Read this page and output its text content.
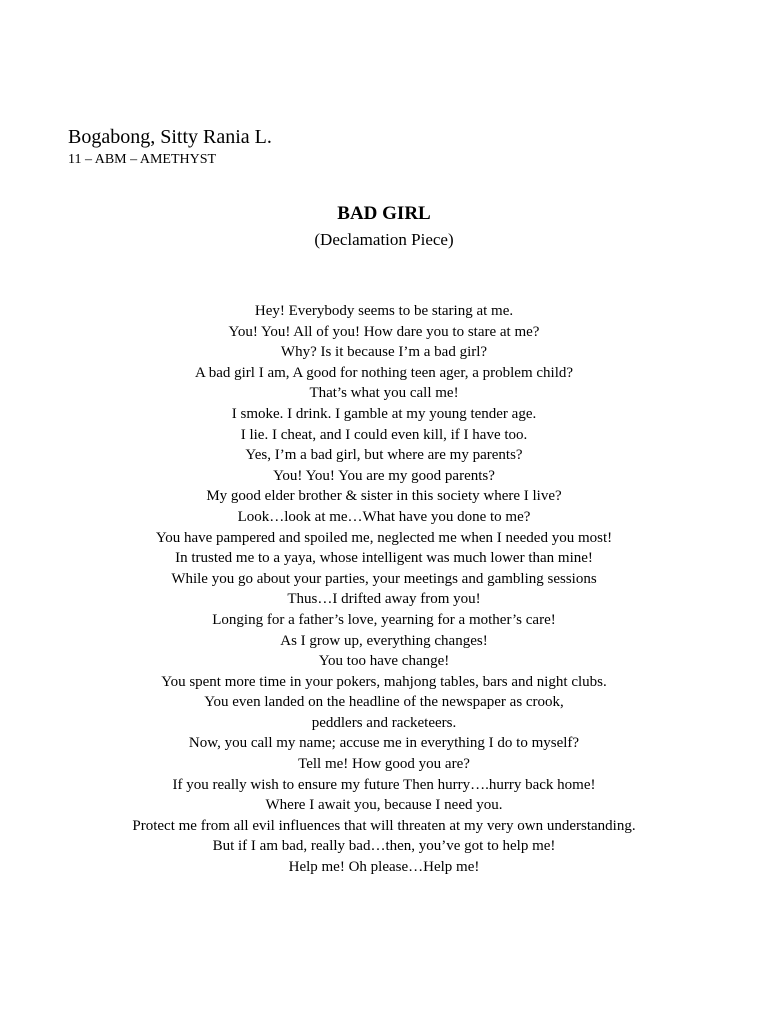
Bogabong, Sitty Rania L.
11 – ABM – AMETHYST
BAD GIRL
(Declamation Piece)
Hey! Everybody seems to be staring at me.
You! You! All of you! How dare you to stare at me?
Why? Is it because I’m a bad girl?
A bad girl I am, A good for nothing teen ager, a problem child?
That’s what you call me!
I smoke. I drink. I gamble at my young tender age.
I lie. I cheat, and I could even kill, if I have too.
Yes, I’m a bad girl, but where are my parents?
You! You! You are my good parents?
My good elder brother & sister in this society where I live?
Look…look at me…What have you done to me?
You have pampered and spoiled me, neglected me when I needed you most!
In trusted me to a yaya, whose intelligent was much lower than mine!
While you go about your parties, your meetings and gambling sessions
Thus…I drifted away from you!
Longing for a father’s love, yearning for a mother’s care!
As I grow up, everything changes!
You too have change!
You spent more time in your pokers, mahjong tables, bars and night clubs.
You even landed on the headline of the newspaper as crook,
peddlers and racketeers.
Now, you call my name; accuse me in everything I do to myself?
Tell me! How good you are?
If you really wish to ensure my future Then hurry….hurry back home!
Where I await you, because I need you.
Protect me from all evil influences that will threaten at my very own understanding.
But if I am bad, really bad…then, you’ve got to help me!
Help me! Oh please…Help me!
